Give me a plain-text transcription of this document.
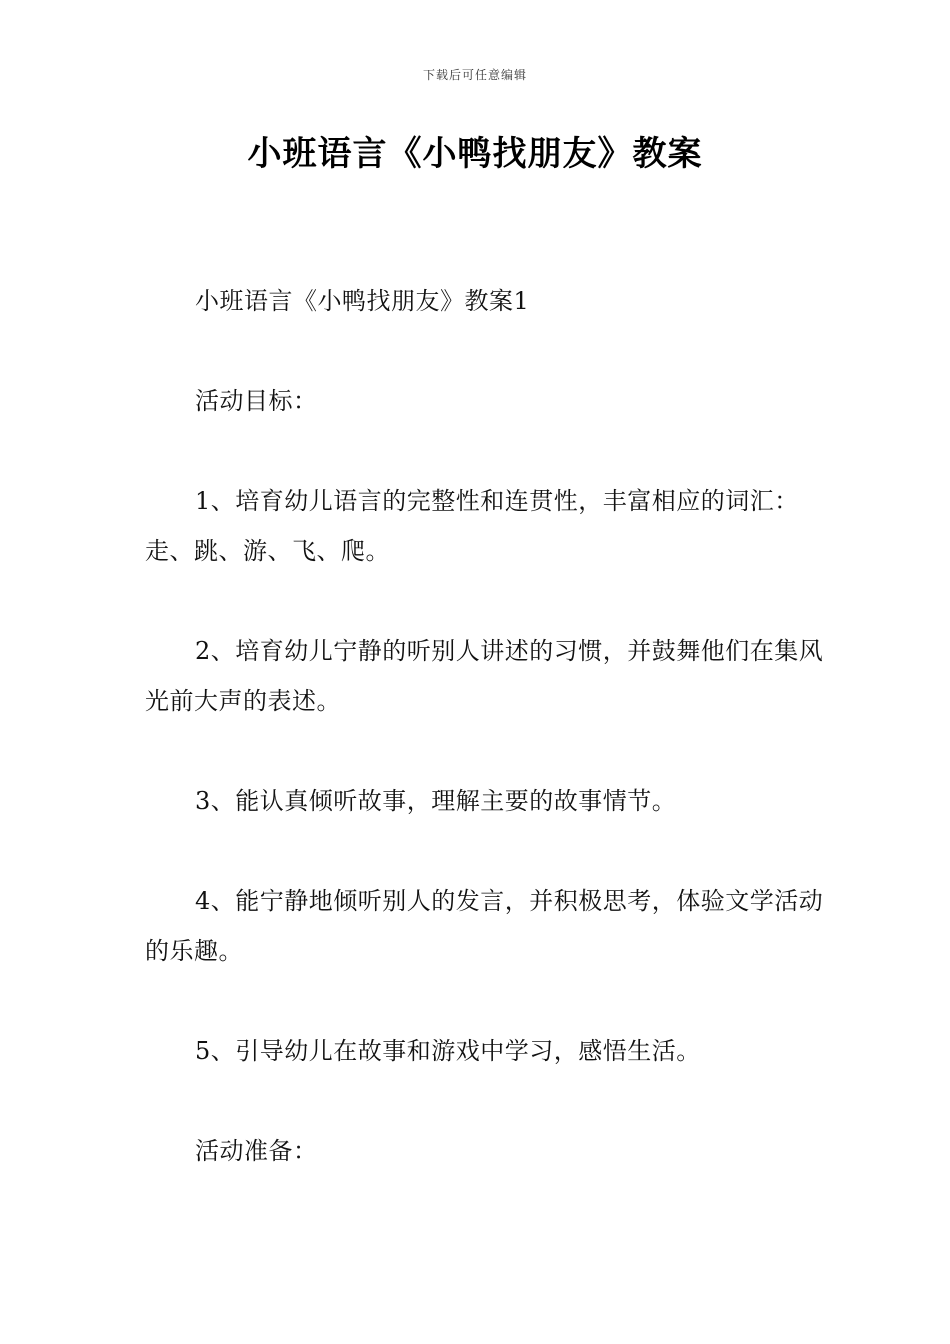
下载后可任意编辑
小班语言《小鸭找朋友》教案

小班语言《小鸭找朋友》教案1

活动目标：

1、培育幼儿语言的完整性和连贯性，丰富相应的词汇：走、跳、游、飞、爬。

2、培育幼儿宁静的听别人讲述的习惯，并鼓舞他们在集风光前大声的表述。

3、能认真倾听故事，理解主要的故事情节。

4、能宁静地倾听别人的发言，并积极思考，体验文学活动的乐趣。

5、引导幼儿在故事和游戏中学习，感悟生活。

活动准备：
